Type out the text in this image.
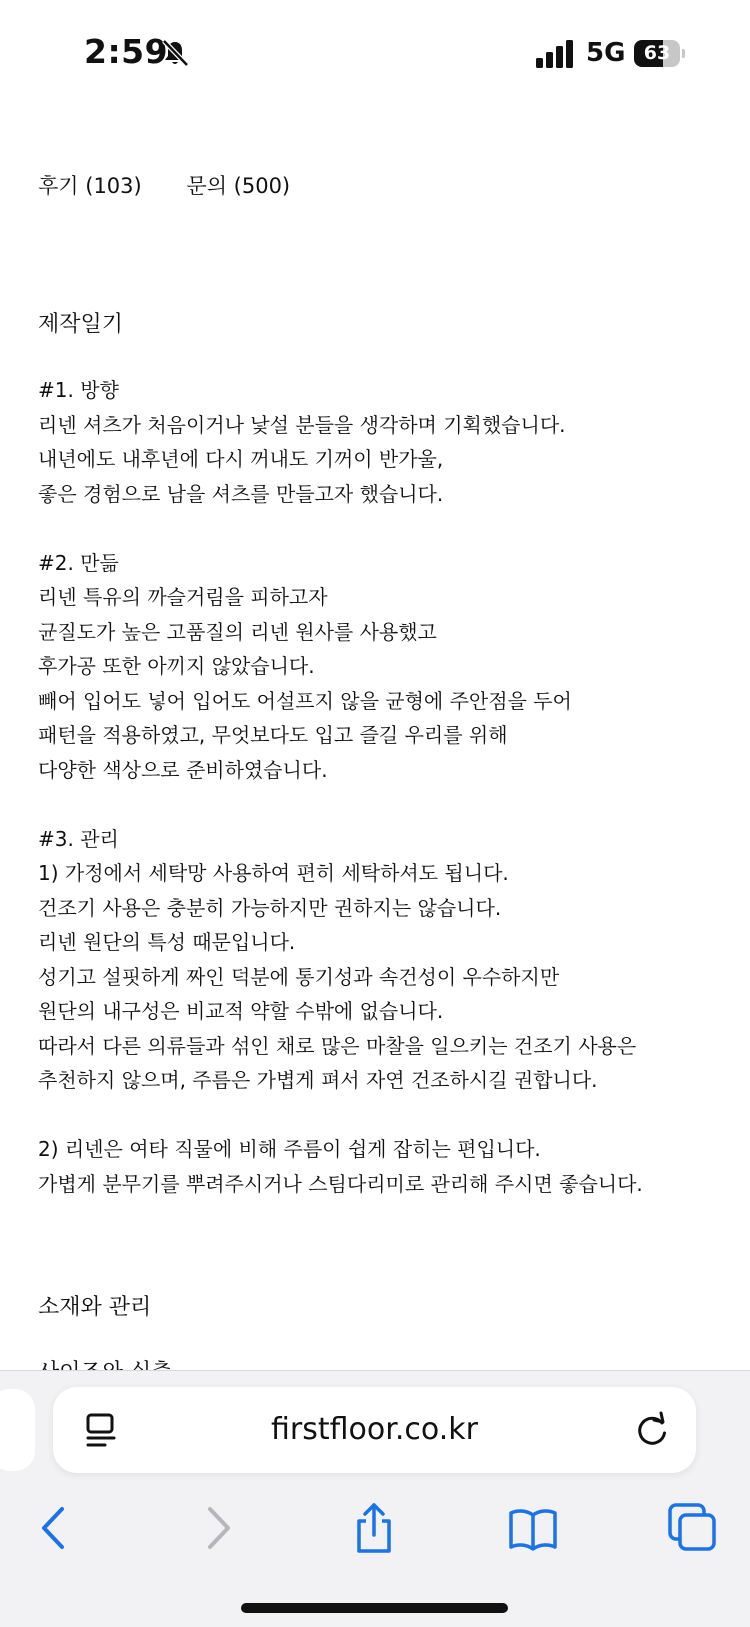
2:59	5G 63
후기 (103) 문의 (500)
제작일기
#1. 방향
리넨 셔츠가 처음이거나 낯설 분들을 생각하며 기획했습니다.
내년에도 내후년에 다시 꺼내도 기꺼이 반가울,
좋은 경험으로 남을 셔츠를 만들고자 했습니다.
#2. 만듦
리넨 특유의 까슬거림을 피하고자
균질도가 높은 고품질의 리넨 원사를 사용했고
후가공 또한 아끼지 않았습니다.
빼어 입어도 넣어 입어도 어설프지 않을 균형에 주안점을 두어
패턴을 적용하였고, 무엇보다도 입고 즐길 우리를 위해
다양한 색상으로 준비하였습니다.
#3. 관리
1) 가정에서 세탁망 사용하여 편히 세탁하셔도 됩니다.
건조기 사용은 충분히 가능하지만 권하지는 않습니다.
리넨 원단의 특성 때문입니다.
성기고 설핏하게 짜인 덕분에 통기성과 속건성이 우수하지만
원단의 내구성은 비교적 약할 수밖에 없습니다.
따라서 다른 의류들과 섞인 채로 많은 마찰을 일으키는 건조기 사용은
추천하지 않으며, 주름은 가볍게 펴서 자연 건조하시길 권합니다.
2) 리넨은 여타 직물에 비해 주름이 쉽게 잡히는 편입니다.
가볍게 분무기를 뿌려주시거나 스팀다리미로 관리해 주시면 좋습니다.
소재와 관리
firstfloor.co.kr
